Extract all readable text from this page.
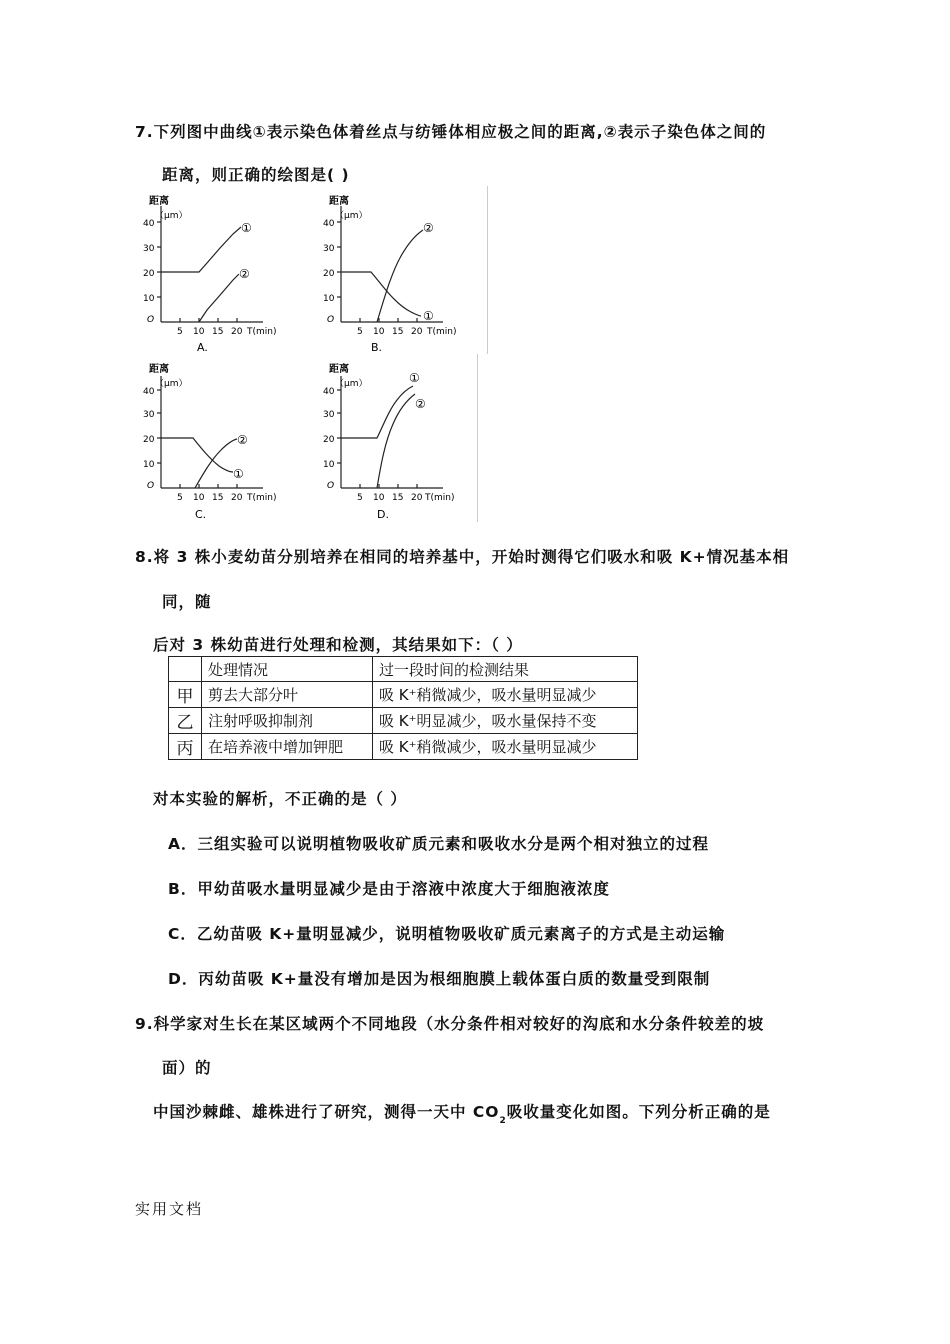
7.下列图中曲线①表示染色体着丝点与纺锤体相应极之间的距离,②表示子染色体之间的
距离，则正确的绘图是( )
距离
（μm）
40
30
20
10
O
5 10 15 20 T(min)
①
②
A.
距离
（μm）
40
30
20
10
O
5 10 15 20 T(min)
①
②
B.
距离
（μm）
40
30
20
10
O
5 10 15 20 T(min)
①
②
C.
距离
（μm）
40
30
20
10
O
5 10 15 20 T(min)
①
②
D.
8.将 3 株小麦幼苗分别培养在相同的培养基中，开始时测得它们吸水和吸 K+情况基本相
同，随
后对 3 株幼苗进行处理和检测，其结果如下：（ ）
	处理情况	过一段时间的检测结果
甲	剪去大部分叶	吸 K⁺稍微减少，吸水量明显减少
乙	注射呼吸抑制剂	吸 K⁺明显减少，吸水量保持不变
丙	在培养液中增加钾肥	吸 K⁺稍微减少，吸水量明显减少
对本实验的解析，不正确的是（ ）
A．三组实验可以说明植物吸收矿质元素和吸收水分是两个相对独立的过程
B．甲幼苗吸水量明显减少是由于溶液中浓度大于细胞液浓度
C．乙幼苗吸 K+量明显减少，说明植物吸收矿质元素离子的方式是主动运输
D．丙幼苗吸 K+量没有增加是因为根细胞膜上载体蛋白质的数量受到限制
9.科学家对生长在某区域两个不同地段（水分条件相对较好的沟底和水分条件较差的坡
面）的
中国沙棘雌、雄株进行了研究，测得一天中 $CO_2$吸收量变化如图。下列分析正确的是
实用文档
